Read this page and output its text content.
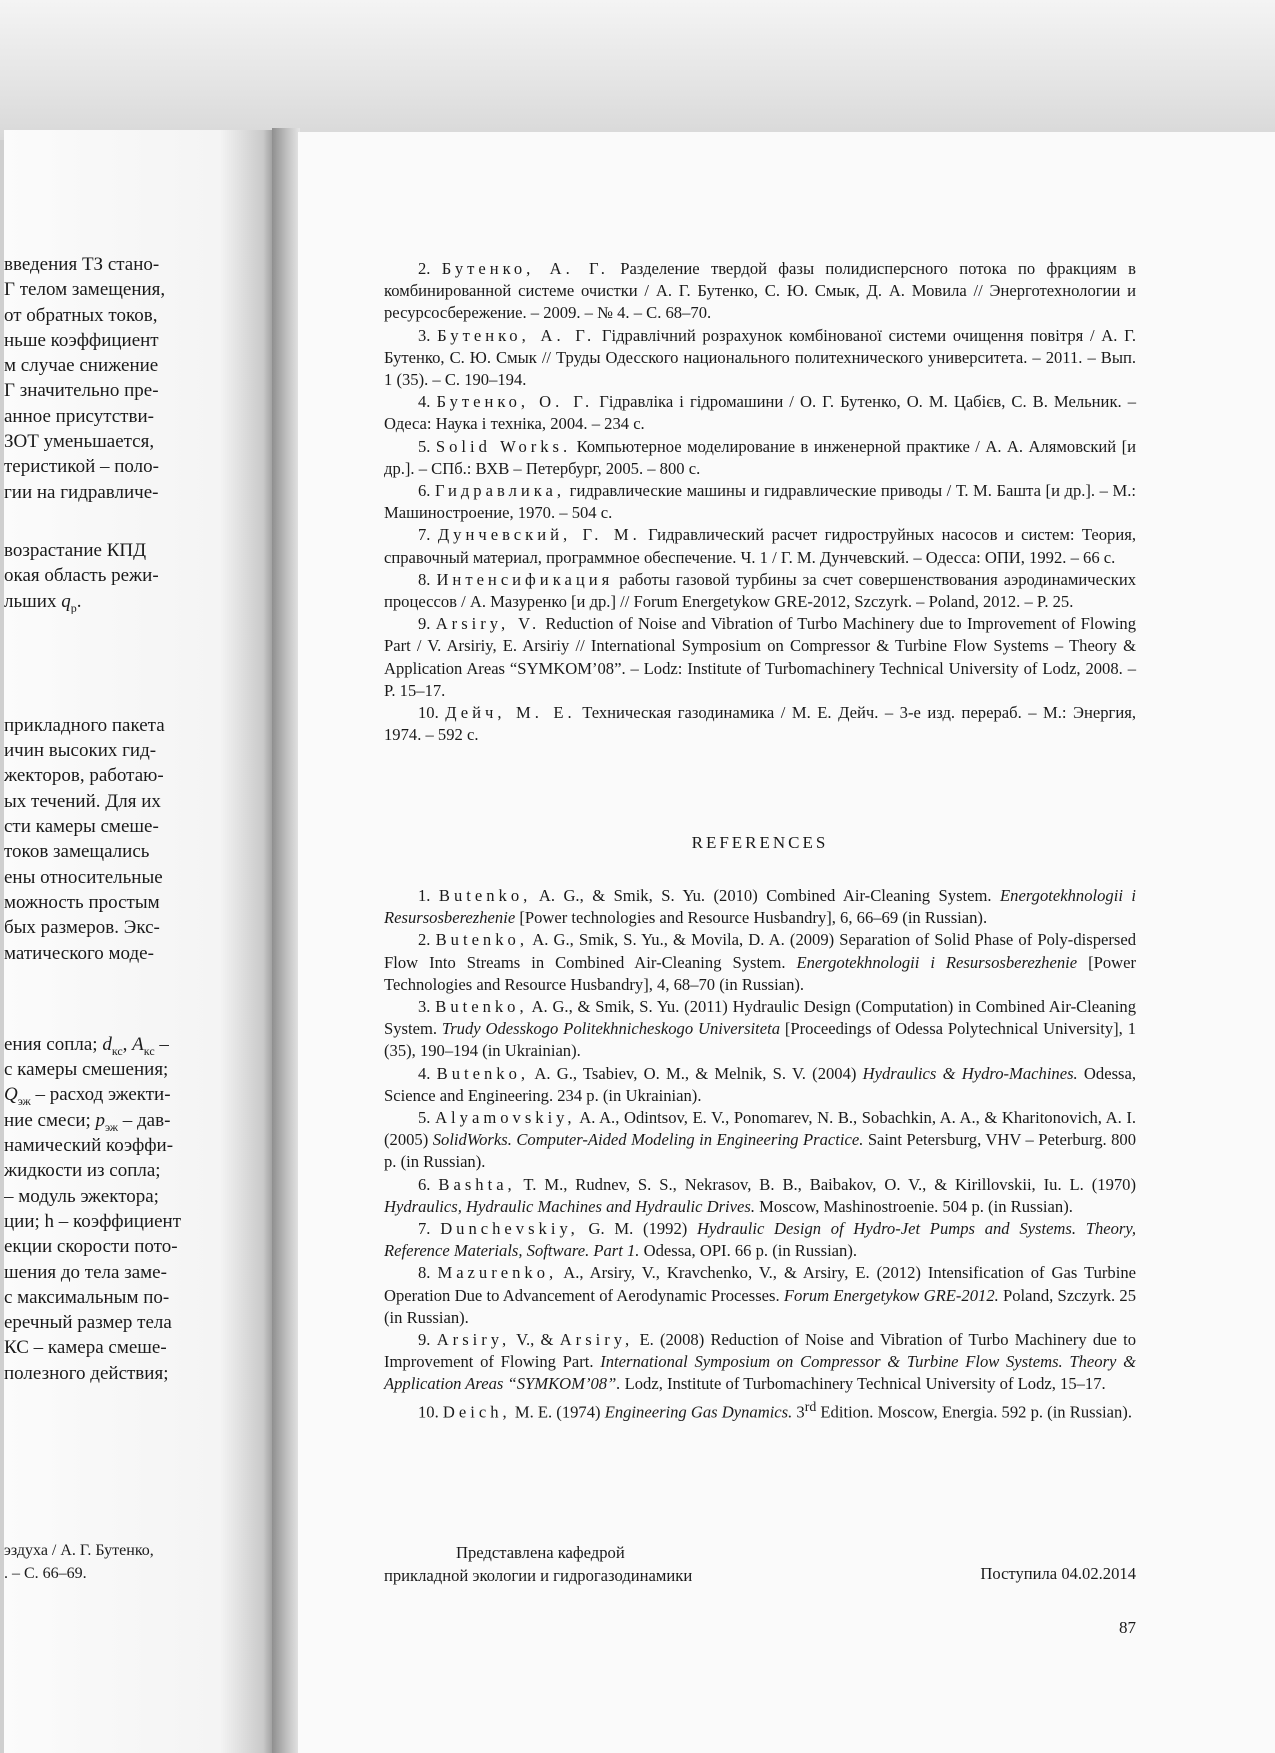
введения ТЗ стано-
Г телом замещения,
от обратных токов,
ньше коэффициент
м случае снижение
Г значительно пре-
анное присутстви-
ЗОТ уменьшается,
теристикой – поло-
гии на гидравличе-
возрастание КПД
окая область режи-
льших $q_р$.
прикладного пакета
ичин высоких гид-
жекторов, работаю-
ых течений. Для их
сти камеры смеше-
токов замещались
ены относительные
можность простым
бых размеров. Экс-
матического моде-
ения сопла; $d_{кс}$, $A_{кс}$ –
с камеры смешения;
$Q_{эж}$ – расход эжекти-
ние смеси; $p_{эж} - дав-$
намический коэффи-
жидкости из сопла;
– модуль эжектора;
ции; h – коэффициент
екции скорости пото-
шения до тела заме-
с максимальным по-
еречный размер тела
КС – камера смеше-
полезного действия;
эздуха / А. Г. Бутенко,
. – С. 66–69.

2. Бутенко, А. Г. Разделение твердой фазы полидисперсного потока по фракциям в комбинированной системе очистки / А. Г. Бутенко, С. Ю. Смык, Д. А. Мовила // Энерготехнологии и ресурсосбережение. – 2009. – № 4. – С. 68–70.

3. Бутенко, А. Г. Гідравлічний розрахунок комбінованої системи очищення повітря / А. Г. Бутенко, С. Ю. Смык // Труды Одесского национального политехнического университета. – 2011. – Вып. 1 (35). – С. 190–194.

4. Бутенко, О. Г. Гідравліка і гідромашини / О. Г. Бутенко, О. М. Цабієв, С. В. Мельник. – Одеса: Наука і техніка, 2004. – 234 с.

5. Solid Works. Компьютерное моделирование в инженерной практике / А. А. Алямовский [и др.]. – СПб.: ВХВ – Петербург, 2005. – 800 с.

6. Гидравлика, гидравлические машины и гидравлические приводы / Т. М. Башта [и др.]. – М.: Машиностроение, 1970. – 504 с.

7. Дунчевский, Г. М. Гидравлический расчет гидроструйных насосов и систем: Теория, справочный материал, программное обеспечение. Ч. 1 / Г. М. Дунчевский. – Одесса: ОПИ, 1992. – 66 с.

8. Интенсификация работы газовой турбины за счет совершенствования аэродинамических процессов / А. Мазуренко [и др.] // Forum Energetykow GRE-2012, Szczyrk. – Poland, 2012. – P. 25.

9. Arsiry, V. Reduction of Noise and Vibration of Turbo Machinery due to Improvement of Flowing Part / V. Arsiriy, E. Arsiriy // International Symposium on Compressor & Turbine Flow Systems – Theory & Application Areas “SYMKOM’08”. – Lodz: Institute of Turbomachinery Technical University of Lodz, 2008. – P. 15–17.

10. Дейч, М. Е. Техническая газодинамика / М. Е. Дейч. – 3-е изд. перераб. – М.: Энергия, 1974. – 592 с.

REFERENCES

1. Butenko, A. G., & Smik, S. Yu. (2010) Combined Air-Cleaning System. Energotekhnologii i Resursosberezhenie [Power technologies and Resource Husbandry], 6, 66–69 (in Russian).

2. Butenko, A. G., Smik, S. Yu., & Movila, D. A. (2009) Separation of Solid Phase of Poly-dispersed Flow Into Streams in Combined Air-Cleaning System. Energotekhnologii i Resursosberezhenie [Power Technologies and Resource Husbandry], 4, 68–70 (in Russian).

3. Butenko, A. G., & Smik, S. Yu. (2011) Hydraulic Design (Computation) in Combined Air-Cleaning System. Trudy Odesskogo Politekhnicheskogo Universiteta [Proceedings of Odessa Polytechnical University], 1 (35), 190–194 (in Ukrainian).

4. Butenko, A. G., Tsabiev, O. M., & Melnik, S. V. (2004) Hydraulics & Hydro-Machines. Odessa, Science and Engineering. 234 p. (in Ukrainian).

5. Alyamovskiy, A. A., Odintsov, E. V., Ponomarev, N. B., Sobachkin, A. A., & Kharitonovich, A. I. (2005) SolidWorks. Computer-Aided Modeling in Engineering Practice. Saint Petersburg, VHV – Peterburg. 800 p. (in Russian).

6. Bashta, T. M., Rudnev, S. S., Nekrasov, B. B., Baibakov, O. V., & Kirillovskii, Iu. L. (1970) Hydraulics, Hydraulic Machines and Hydraulic Drives. Moscow, Mashinostroenie. 504 p. (in Russian).

7. Dunchevskiy, G. M. (1992) Hydraulic Design of Hydro-Jet Pumps and Systems. Theory, Reference Materials, Software. Part 1. Odessa, OPI. 66 p. (in Russian).

8. Mazurenko, A., Arsiry, V., Kravchenko, V., & Arsiry, E. (2012) Intensification of Gas Turbine Operation Due to Advancement of Aerodynamic Processes. Forum Energetykow GRE-2012. Poland, Szczyrk. 25 (in Russian).

9. Arsiry, V., & Arsiry, E. (2008) Reduction of Noise and Vibration of Turbo Machinery due to Improvement of Flowing Part. International Symposium on Compressor & Turbine Flow Systems. Theory & Application Areas “SYMKOM’08”. Lodz, Institute of Turbomachinery Technical University of Lodz, 15–17.

10. Deich, M. E. (1974) Engineering Gas Dynamics. 3rd Edition. Moscow, Energia. 592 p. (in Russian).

Представлена кафедрой
прикладной экологии и гидрогазодинамики	Поступила 04.02.2014
87
